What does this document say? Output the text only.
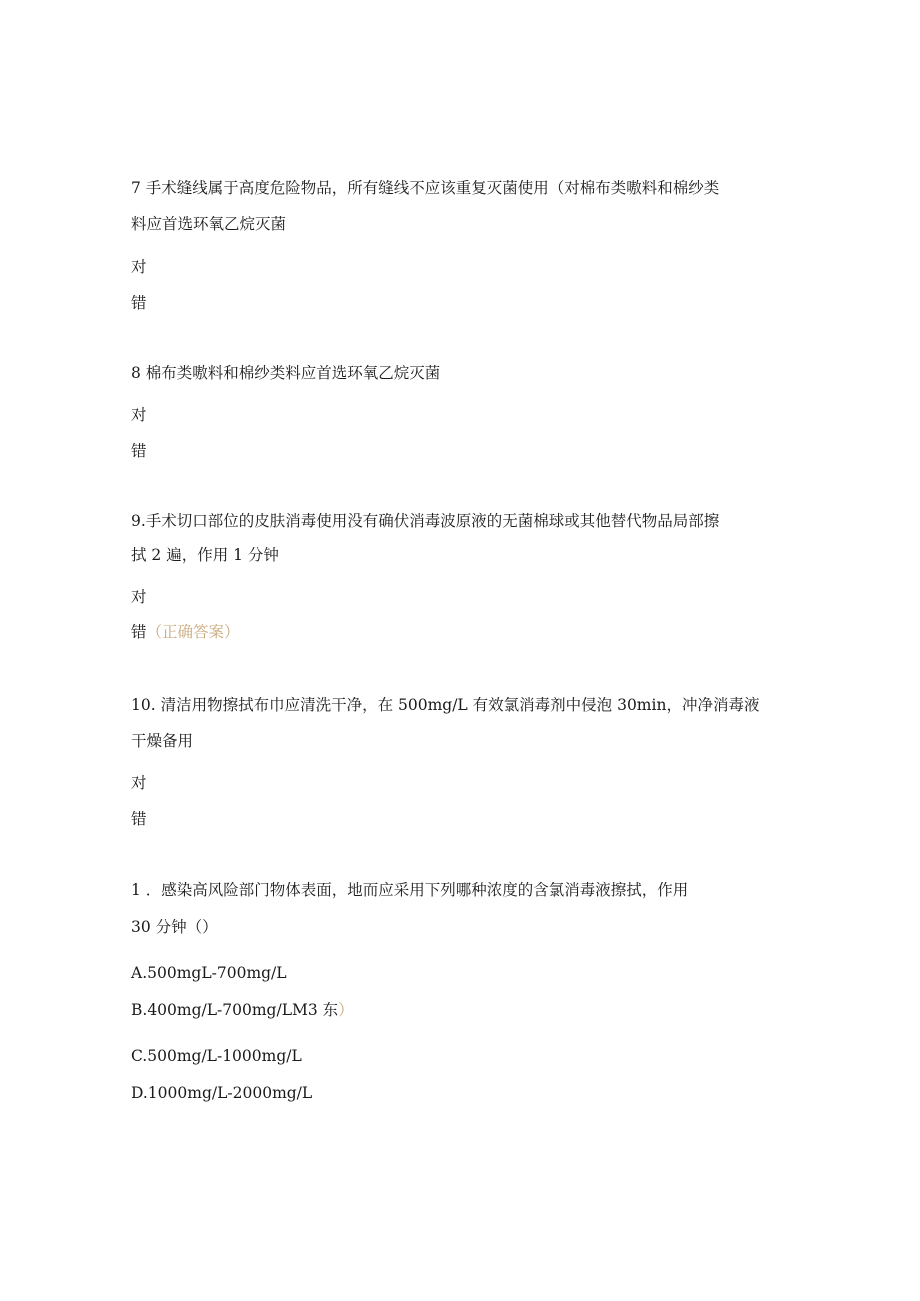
7 手术缝线属于高度危险物品，所有缝线不应该重复灭菌使用（对棉布类嗷料和棉纱类
料应首选环氧乙烷灭菌
对
错
8 棉布类嗷料和棉纱类料应首选环氧乙烷灭菌
对
错
9.手术切口部位的皮肤消毒使用没有确伏消毒波原液的无菌棉球或其他替代物品局部擦
拭 2 遍，作用 1 分钟
对
错（正确答案）
10. 清洁用物擦拭布巾应清洗干净，在 500mg/L 有效氯消毒剂中侵泡 30min，冲净消毒液
干燥备用
对
错
1 ．感染高风险部门物体表面，地而应采用下列哪种浓度的含氯消毒液擦拭，作用
30 分钟（）
A.500mgL-700mg/L
B.400mg/L-700mg/LM3 东）
C.500mg/L-1000mg/L
D.1000mg/L-2000mg/L
